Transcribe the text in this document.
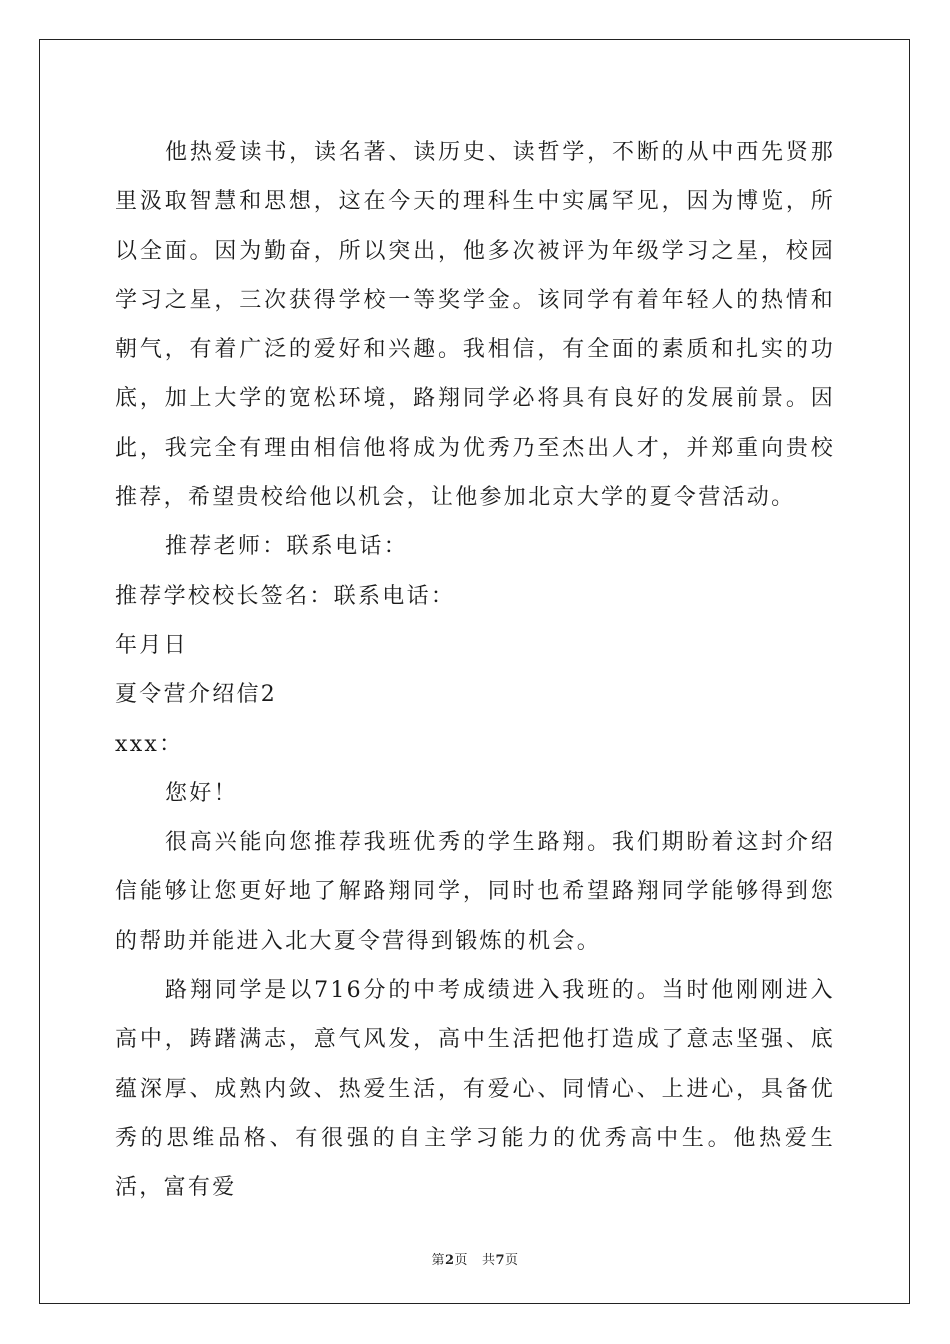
他热爱读书，读名著、读历史、读哲学，不断的从中西先贤那里汲取智慧和思想，这在今天的理科生中实属罕见，因为博览，所以全面。因为勤奋，所以突出，他多次被评为年级学习之星，校园学习之星，三次获得学校一等奖学金。该同学有着年轻人的热情和朝气，有着广泛的爱好和兴趣。我相信，有全面的素质和扎实的功底，加上大学的宽松环境，路翔同学必将具有良好的发展前景。因此，我完全有理由相信他将成为优秀乃至杰出人才，并郑重向贵校推荐，希望贵校给他以机会，让他参加北京大学的夏令营活动。

推荐老师：联系电话：

推荐学校校长签名：联系电话：

年月日

夏令营介绍信2

xxx：

您好！

很高兴能向您推荐我班优秀的学生路翔。我们期盼着这封介绍信能够让您更好地了解路翔同学，同时也希望路翔同学能够得到您的帮助并能进入北大夏令营得到锻炼的机会。

路翔同学是以716分的中考成绩进入我班的。当时他刚刚进入高中，踌躇满志，意气风发，高中生活把他打造成了意志坚强、底蕴深厚、成熟内敛、热爱生活，有爱心、同情心、上进心，具备优秀的思维品格、有很强的自主学习能力的优秀高中生。他热爱生活，富有爱

第2页   共7页
